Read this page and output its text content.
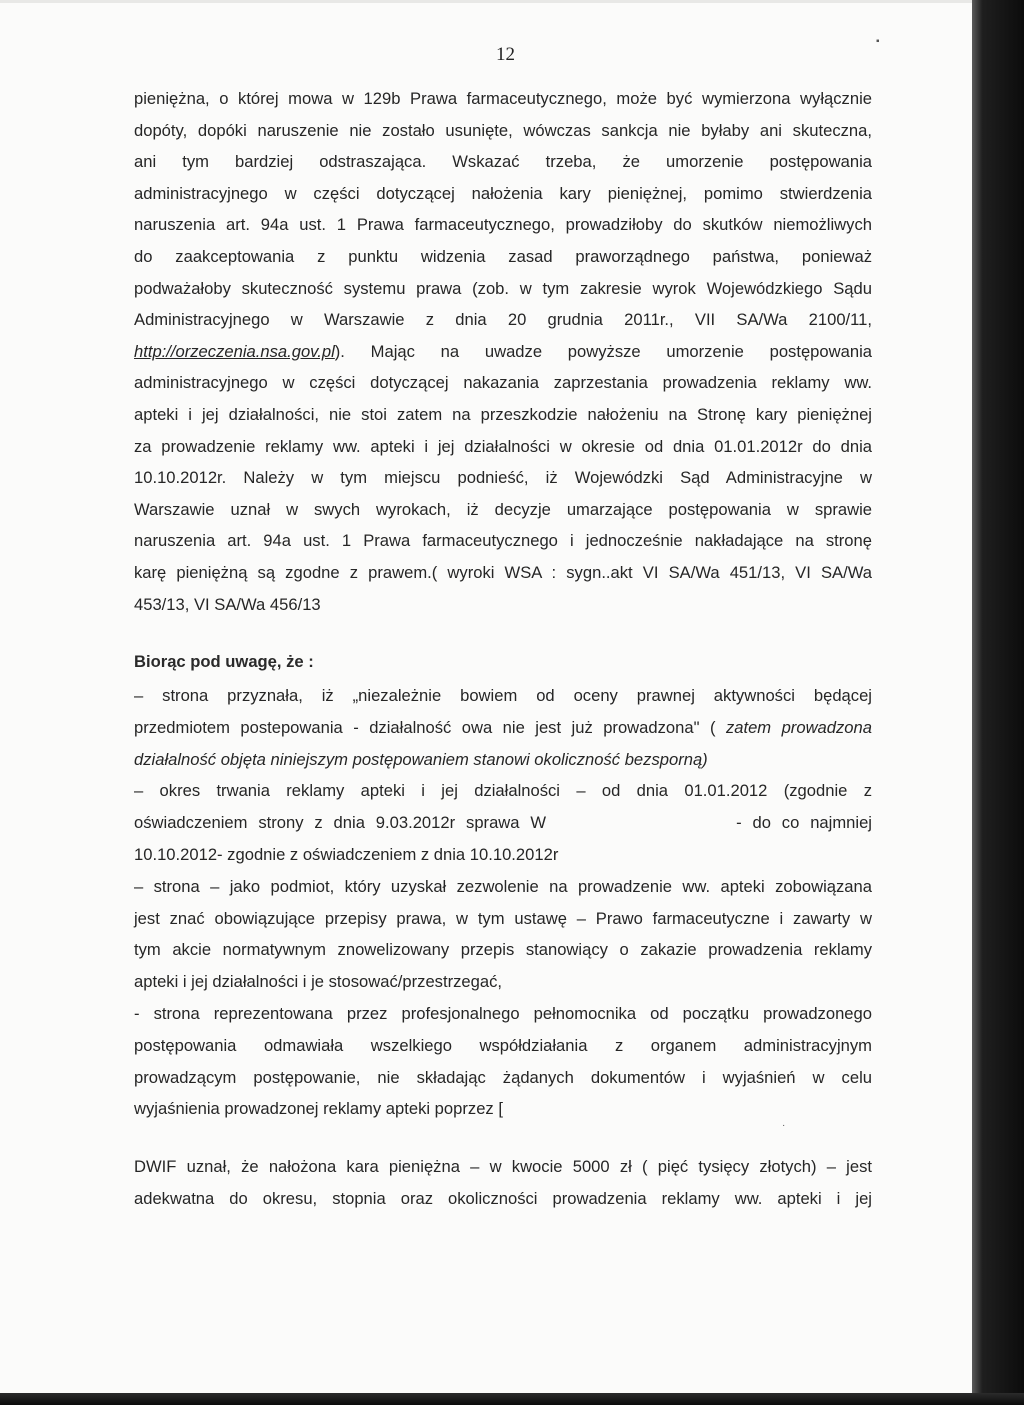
▪
12
pieniężna, o której mowa w 129b Prawa farmaceutycznego, może być wymierzona wyłącznie
dopóty, dopóki naruszenie nie zostało usunięte, wówczas sankcja nie byłaby ani skuteczna,
ani tym bardziej odstraszająca. Wskazać trzeba, że umorzenie postępowania
administracyjnego w części dotyczącej nałożenia kary pieniężnej, pomimo stwierdzenia
naruszenia art. 94a ust. 1 Prawa farmaceutycznego, prowadziłoby do skutków niemożliwych
do zaakceptowania z punktu widzenia zasad praworządnego państwa, ponieważ
podważałoby skuteczność systemu prawa (zob. w tym zakresie wyrok Wojewódzkiego Sądu
Administracyjnego w Warszawie z dnia 20 grudnia 2011r., VII SA/Wa 2100/11,
http://orzeczenia.nsa.gov.pl). Mając na uwadze powyższe umorzenie postępowania
administracyjnego w części dotyczącej nakazania zaprzestania prowadzenia reklamy ww.
apteki i jej działalności, nie stoi zatem na przeszkodzie nałożeniu na Stronę kary pieniężnej
za prowadzenie reklamy ww. apteki i jej działalności w okresie od dnia 01.01.2012r do dnia
10.10.2012r. Należy w tym miejscu podnieść, iż Wojewódzki Sąd Administracyjne w
Warszawie uznał w swych wyrokach, iż decyzje umarzające postępowania w sprawie
naruszenia art. 94a ust. 1 Prawa farmaceutycznego i jednocześnie nakładające na stronę
karę pieniężną są zgodne z prawem.( wyroki WSA : sygn..akt VI SA/Wa 451/13, VI SA/Wa
453/13, VI SA/Wa 456/13
Biorąc pod uwagę, że :
– strona przyznała, iż „niezależnie bowiem od oceny prawnej aktywności będącej
przedmiotem postepowania - działalność owa nie jest już prowadzona" ( zatem prowadzona
działalność objęta niniejszym postępowaniem stanowi okoliczność bezsporną)
– okres trwania reklamy apteki i jej działalności – od dnia 01.01.2012 (zgodnie z
oświadczeniem strony z dnia 9.03.2012r sprawa W	- do co najmniej
10.10.2012- zgodnie z oświadczeniem z dnia 10.10.2012r
– strona – jako podmiot, który uzyskał zezwolenie na prowadzenie ww. apteki zobowiązana
jest znać obowiązujące przepisy prawa, w tym ustawę – Prawo farmaceutyczne i zawarty w
tym akcie normatywnym znowelizowany przepis stanowiący o zakazie prowadzenia reklamy
apteki i jej działalności i je stosować/przestrzegać,
- strona reprezentowana przez profesjonalnego pełnomocnika od początku prowadzonego
postępowania odmawiała wszelkiego współdziałania z organem administracyjnym
prowadzącym postępowanie, nie składając żądanych dokumentów i wyjaśnień w celu
wyjaśnienia prowadzonej reklamy apteki poprzez [
·
DWIF uznał, że nałożona kara pieniężna – w kwocie 5000 zł ( pięć tysięcy złotych) – jest
adekwatna do okresu, stopnia oraz okoliczności prowadzenia reklamy ww. apteki i jej
